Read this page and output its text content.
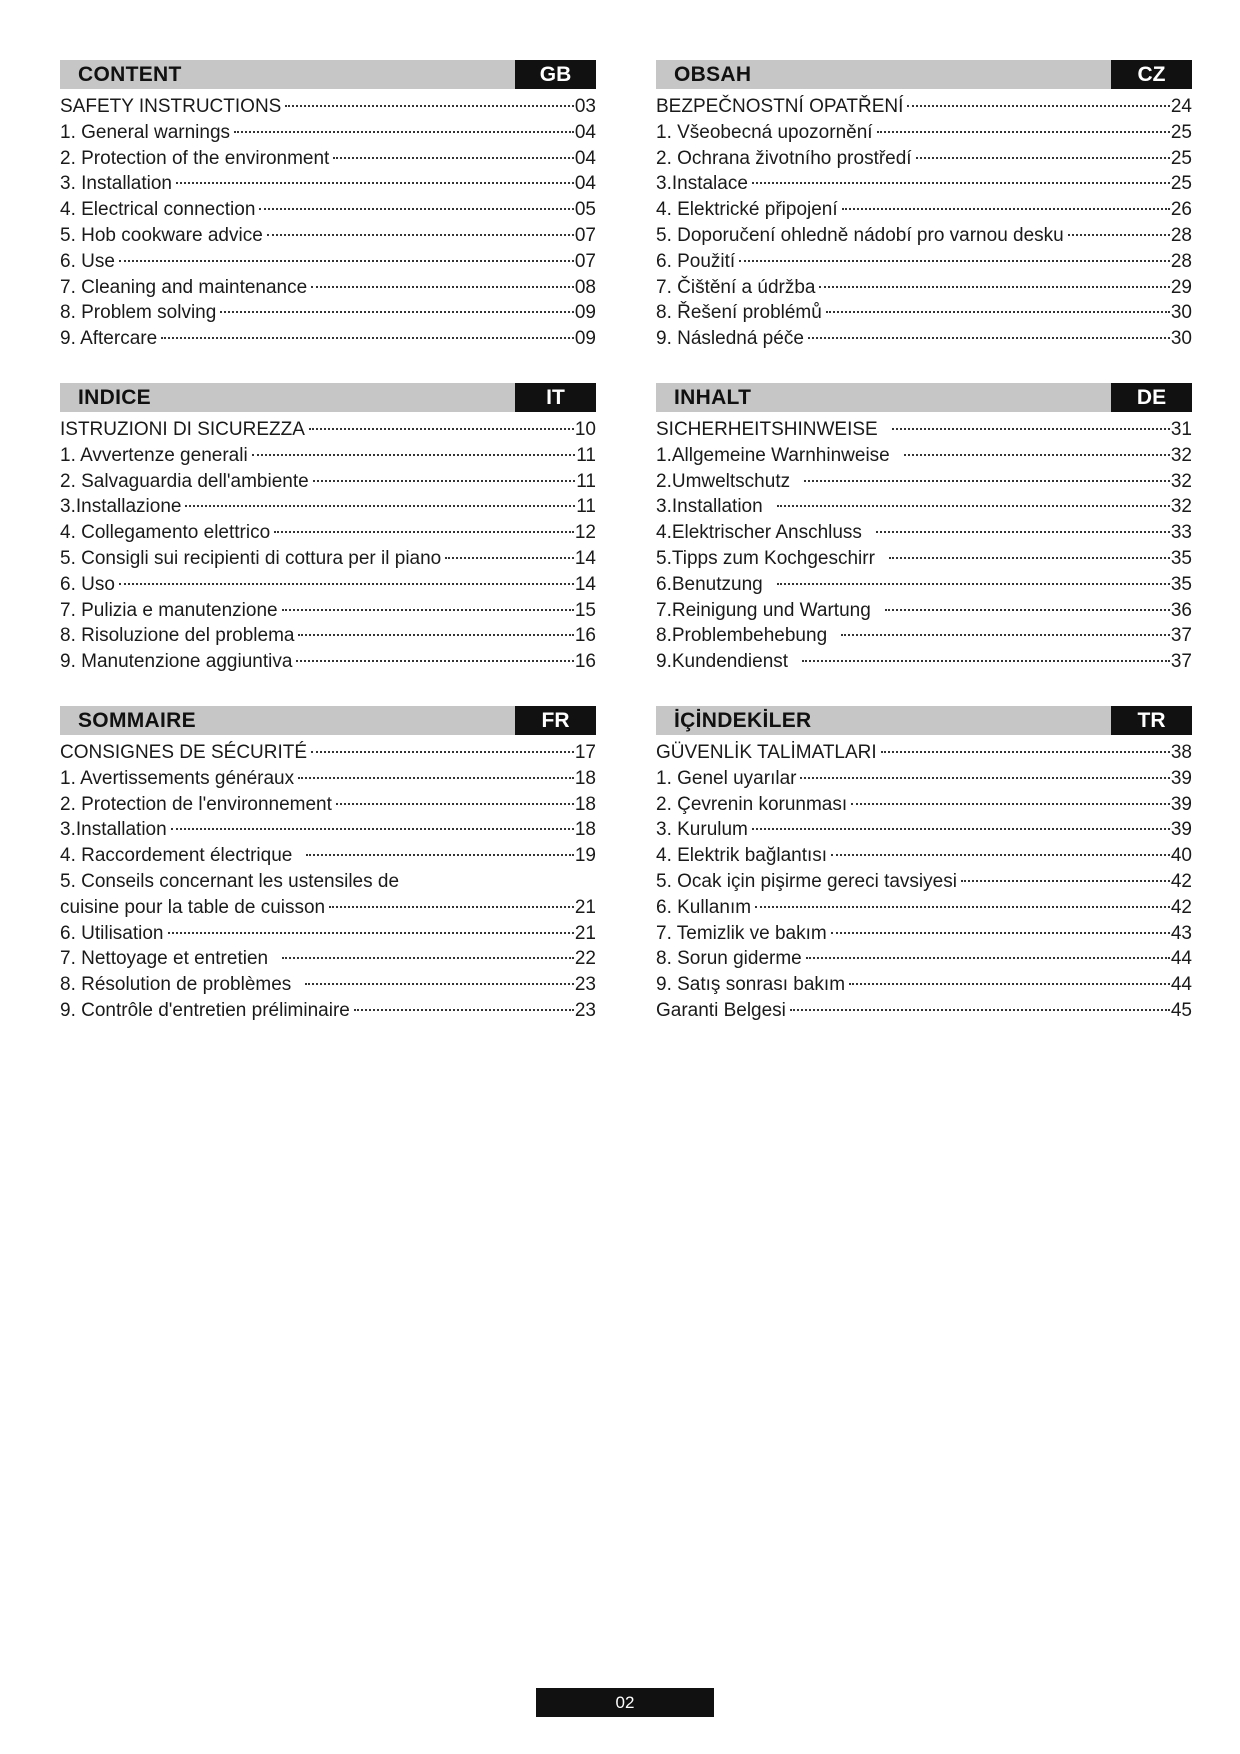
CONTENT	GB
SAFETY INSTRUCTIONS	03
1. General warnings	04
2. Protection of the environment	04
3. Installation	04
4. Electrical connection	05
5. Hob cookware advice	07
6. Use	07
7. Cleaning and maintenance	08
8. Problem solving	09
9. Aftercare	09
OBSAH	CZ
BEZPEČNOSTNÍ OPATŘENÍ	24
1. Všeobecná upozornění	25
2. Ochrana životního prostředí	25
3.Instalace	25
4. Elektrické připojení	26
5. Doporučení ohledně nádobí pro varnou desku	28
6. Použití	28
7. Čištění a údržba	29
8. Řešení problémů	30
9. Následná péče	30
INDICE	IT
ISTRUZIONI DI SICUREZZA	10
1. Avvertenze generali	11
2. Salvaguardia dell'ambiente	11
3.Installazione	11
4. Collegamento elettrico	12
5. Consigli sui recipienti di cottura per il piano	14
6. Uso	14
7. Pulizia e manutenzione	15
8. Risoluzione del problema	16
9. Manutenzione aggiuntiva	16
INHALT	DE
SICHERHEITSHINWEISE	31
1.Allgemeine Warnhinweise	32
2.Umweltschutz	32
3.Installation	32
4.Elektrischer Anschluss	33
5.Tipps zum Kochgeschirr	35
6.Benutzung	35
7.Reinigung und Wartung	36
8.Problembehebung	37
9.Kundendienst	37
SOMMAIRE	FR
CONSIGNES DE SÉCURITÉ	17
1. Avertissements généraux	18
2. Protection de l'environnement	18
3.Installation	18
4. Raccordement électrique	19
5. Conseils concernant les ustensiles de
cuisine pour la table de cuisson	21
6. Utilisation	21
7. Nettoyage et entretien	22
8. Résolution de problèmes	23
9. Contrôle d'entretien préliminaire	23
İÇİNDEKİLER	TR
GÜVENLİK TALİMATLARI	38
1. Genel uyarılar	39
2. Çevrenin korunması	39
3. Kurulum	39
4. Elektrik bağlantısı	40
5. Ocak için pişirme gereci tavsiyesi	42
6. Kullanım	42
7. Temizlik ve bakım	43
8. Sorun giderme	44
9. Satış sonrası bakım	44
Garanti Belgesi	45
02
